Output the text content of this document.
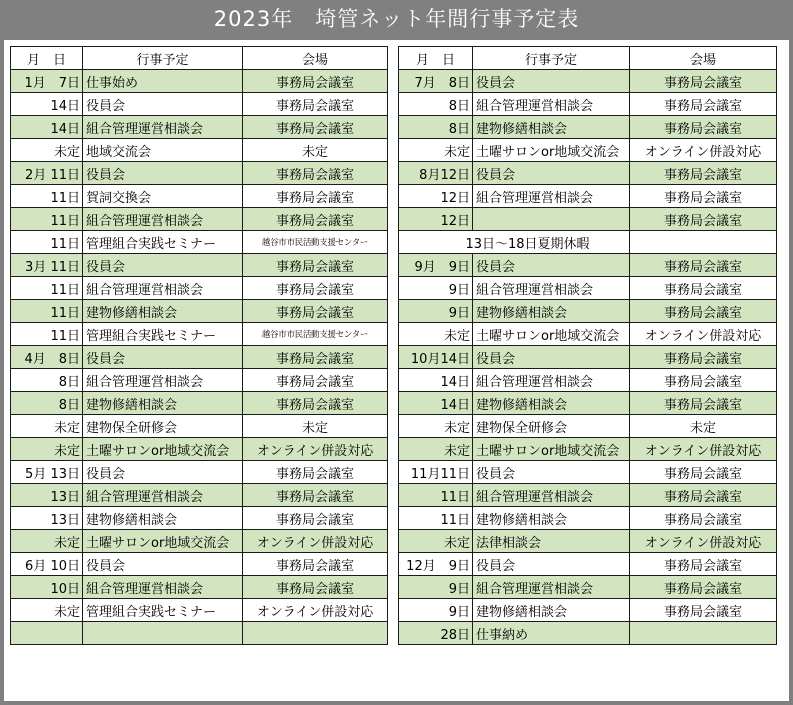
2023年　埼管ネット年間行事予定表
月　日	行事予定	会場
1月　7日	仕事始め	事務局会議室
14日	役員会	事務局会議室
14日	組合管理運営相談会	事務局会議室
未定	地域交流会	未定
2月 11日	役員会	事務局会議室
11日	賀詞交換会	事務局会議室
11日	組合管理運営相談会	事務局会議室
11日	管理組合実践セミナー	越谷市市民活動支援センター
3月 11日	役員会	事務局会議室
11日	組合管理運営相談会	事務局会議室
11日	建物修繕相談会	事務局会議室
11日	管理組合実践セミナー	越谷市市民活動支援センター
4月　8日	役員会	事務局会議室
8日	組合管理運営相談会	事務局会議室
8日	建物修繕相談会	事務局会議室
未定	建物保全研修会	未定
未定	土曜サロンor地域交流会	オンライン併設対応
5月 13日	役員会	事務局会議室
13日	組合管理運営相談会	事務局会議室
13日	建物修繕相談会	事務局会議室
未定	土曜サロンor地域交流会	オンライン併設対応
6月 10日	役員会	事務局会議室
10日	組合管理運営相談会	事務局会議室
未定	管理組合実践セミナー	オンライン併設対応

月　日	行事予定	会場
7月　8日	役員会	事務局会議室
8日	組合管理運営相談会	事務局会議室
8日	建物修繕相談会	事務局会議室
未定	土曜サロンor地域交流会	オンライン併設対応
8月12日	役員会	事務局会議室
12日	組合管理運営相談会	事務局会議室
12日		事務局会議室
13日～18日夏期休暇		
9月　9日	役員会	事務局会議室
9日	組合管理運営相談会	事務局会議室
9日	建物修繕相談会	事務局会議室
未定	土曜サロンor地域交流会	オンライン併設対応
10月14日	役員会	事務局会議室
14日	組合管理運営相談会	事務局会議室
14日	建物修繕相談会	事務局会議室
未定	建物保全研修会	未定
未定	土曜サロンor地域交流会	オンライン併設対応
11月11日	役員会	事務局会議室
11日	組合管理運営相談会	事務局会議室
11日	建物修繕相談会	事務局会議室
未定	法律相談会	オンライン併設対応
12月　9日	役員会	事務局会議室
9日	組合管理運営相談会	事務局会議室
9日	建物修繕相談会	事務局会議室
28日	仕事納め	
